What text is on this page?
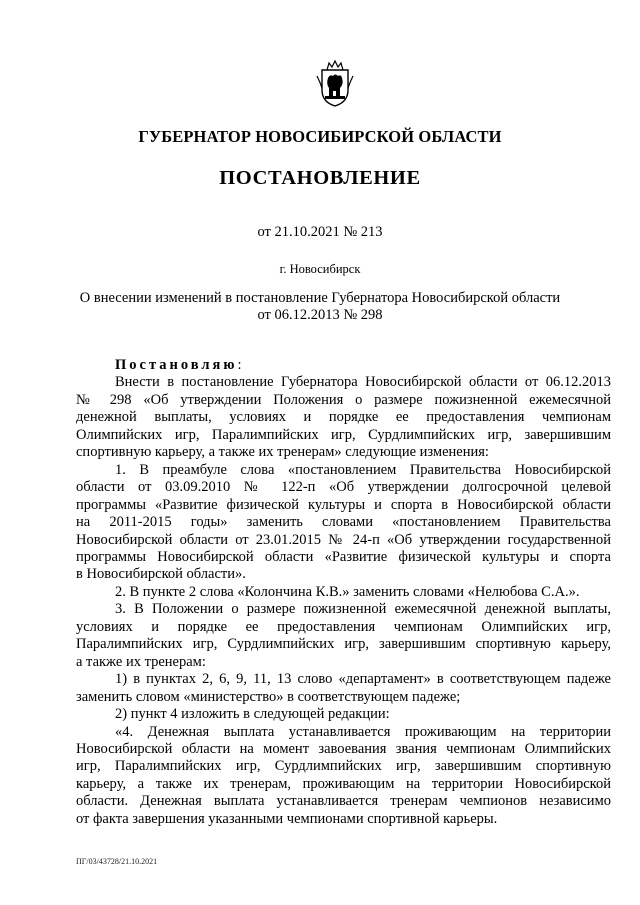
ГУБЕРНАТОР НОВОСИБИРСКОЙ ОБЛАСТИ
ПОСТАНОВЛЕНИЕ
от 21.10.2021 № 213
г. Новосибирск
О внесении изменений в постановление Губернатора Новосибирской области
от 06.12.2013 № 298
Постановляю:
Внести в постановление Губернатора Новосибирской области от 06.12.2013
№ 298 «Об утверждении Положения о размере пожизненной ежемесячной
денежной выплаты, условиях и порядке ее предоставления чемпионам
Олимпийских игр, Паралимпийских игр, Сурдлимпийских игр, завершившим
спортивную карьеру, а также их тренерам» следующие изменения:
1. В преамбуле слова «постановлением Правительства Новосибирской
области от 03.09.2010 № 122-п «Об утверждении долгосрочной целевой
программы «Развитие физической культуры и спорта в Новосибирской области
на 2011-2015 годы» заменить словами «постановлением Правительства
Новосибирской области от 23.01.2015 № 24-п «Об утверждении государственной
программы Новосибирской области «Развитие физической культуры и спорта
в Новосибирской области».
2. В пункте 2 слова «Колончина К.В.» заменить словами «Нелюбова С.А.».
3. В Положении о размере пожизненной ежемесячной денежной выплаты,
условиях и порядке ее предоставления чемпионам Олимпийских игр,
Паралимпийских игр, Сурдлимпийских игр, завершившим спортивную карьеру,
а также их тренерам:
1) в пунктах 2, 6, 9, 11, 13 слово «департамент» в соответствующем падеже
заменить словом «министерство» в соответствующем падеже;
2) пункт 4 изложить в следующей редакции:
«4. Денежная выплата устанавливается проживающим на территории
Новосибирской области на момент завоевания звания чемпионам Олимпийских
игр, Паралимпийских игр, Сурдлимпийских игр, завершившим спортивную
карьеру, а также их тренерам, проживающим на территории Новосибирской
области. Денежная выплата устанавливается тренерам чемпионов независимо
от факта завершения указанными чемпионами спортивной карьеры.
ПГ/03/43728/21.10.2021
